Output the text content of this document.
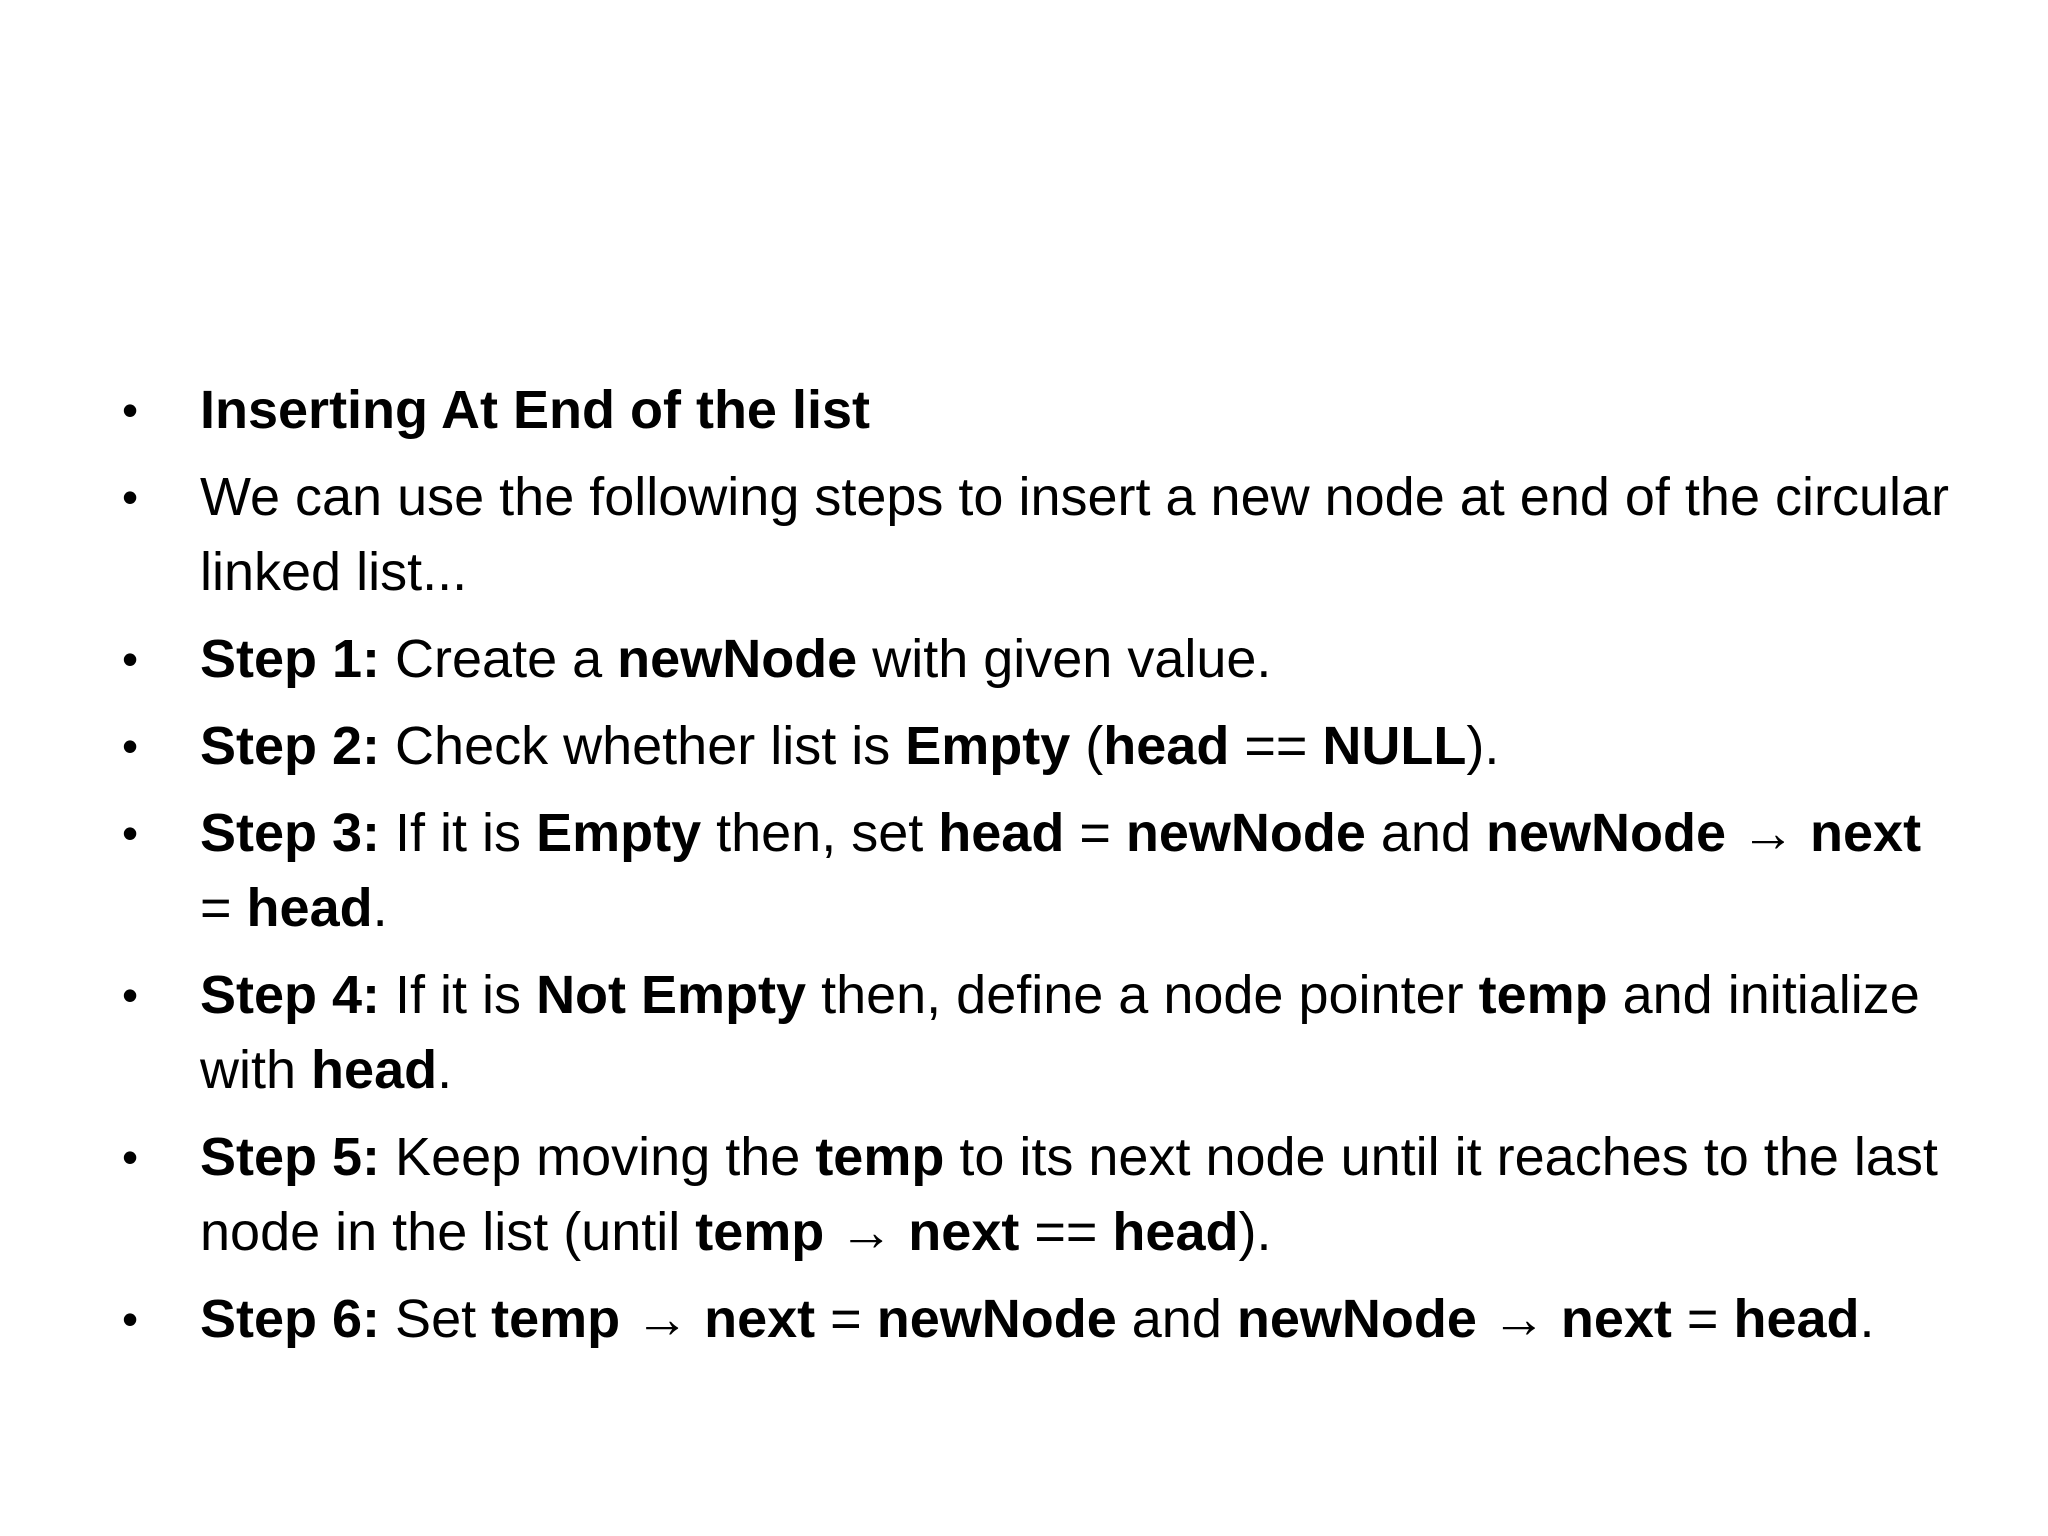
• Inserting At End of the list
• We can use the following steps to insert a new node at end of the circular linked list...
• Step 1: Create a newNode with given value.
• Step 2: Check whether list is Empty (head == NULL).
• Step 3: If it is Empty then, set head = newNode and newNode → next = head.
• Step 4: If it is Not Empty then, define a node pointer temp and initialize with head.
• Step 5: Keep moving the temp to its next node until it reaches to the last node in the list (until temp → next == head).
• Step 6: Set temp → next = newNode and newNode → next = head.
